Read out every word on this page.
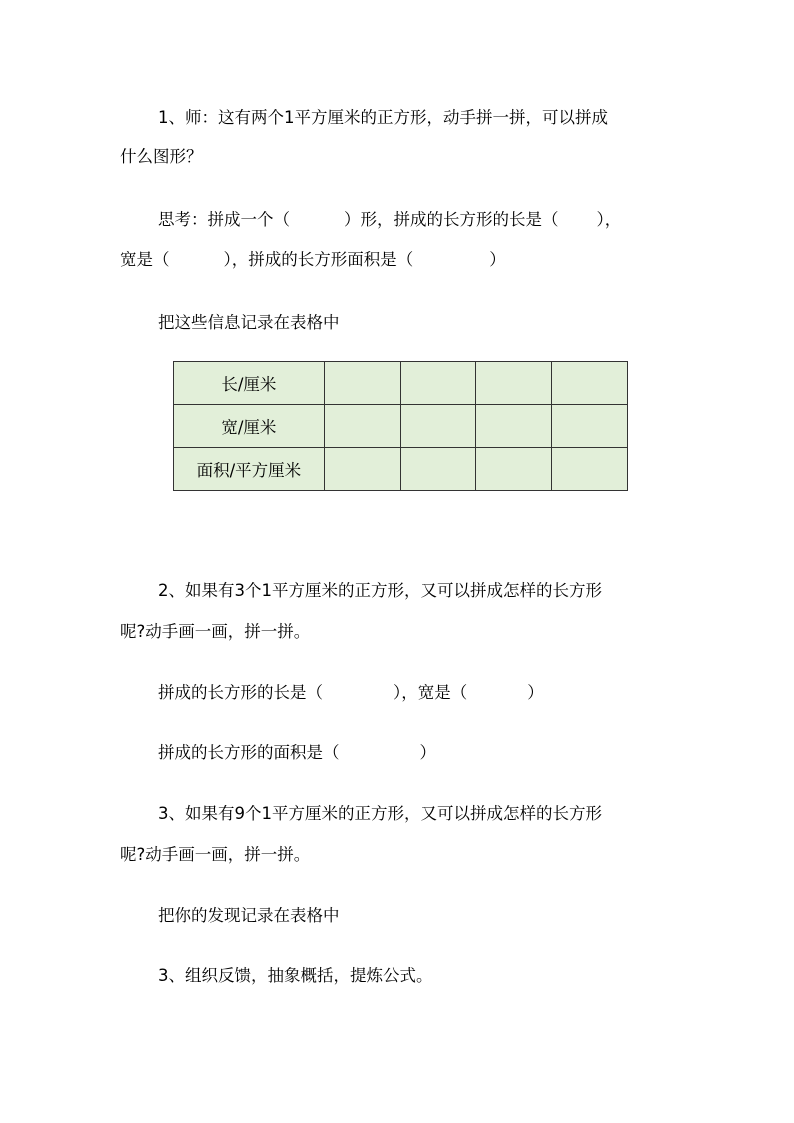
1、师：这有两个1平方厘米的正方形，动手拼一拼，可以拼成
什么图形？
思考：拼成一个（	）形，拼成的长方形的长是（ ），
宽是（	），拼成的长方形面积是（	）
把这些信息记录在表格中
长/厘米				
宽/厘米				
面积/平方厘米				
2、如果有3个1平方厘米的正方形，又可以拼成怎样的长方形
呢?动手画一画，拼一拼。
拼成的长方形的长是（	），宽是（	）
拼成的长方形的面积是（	）
3、如果有9个1平方厘米的正方形，又可以拼成怎样的长方形
呢?动手画一画，拼一拼。
把你的发现记录在表格中
3、组织反馈，抽象概括，提炼公式。
